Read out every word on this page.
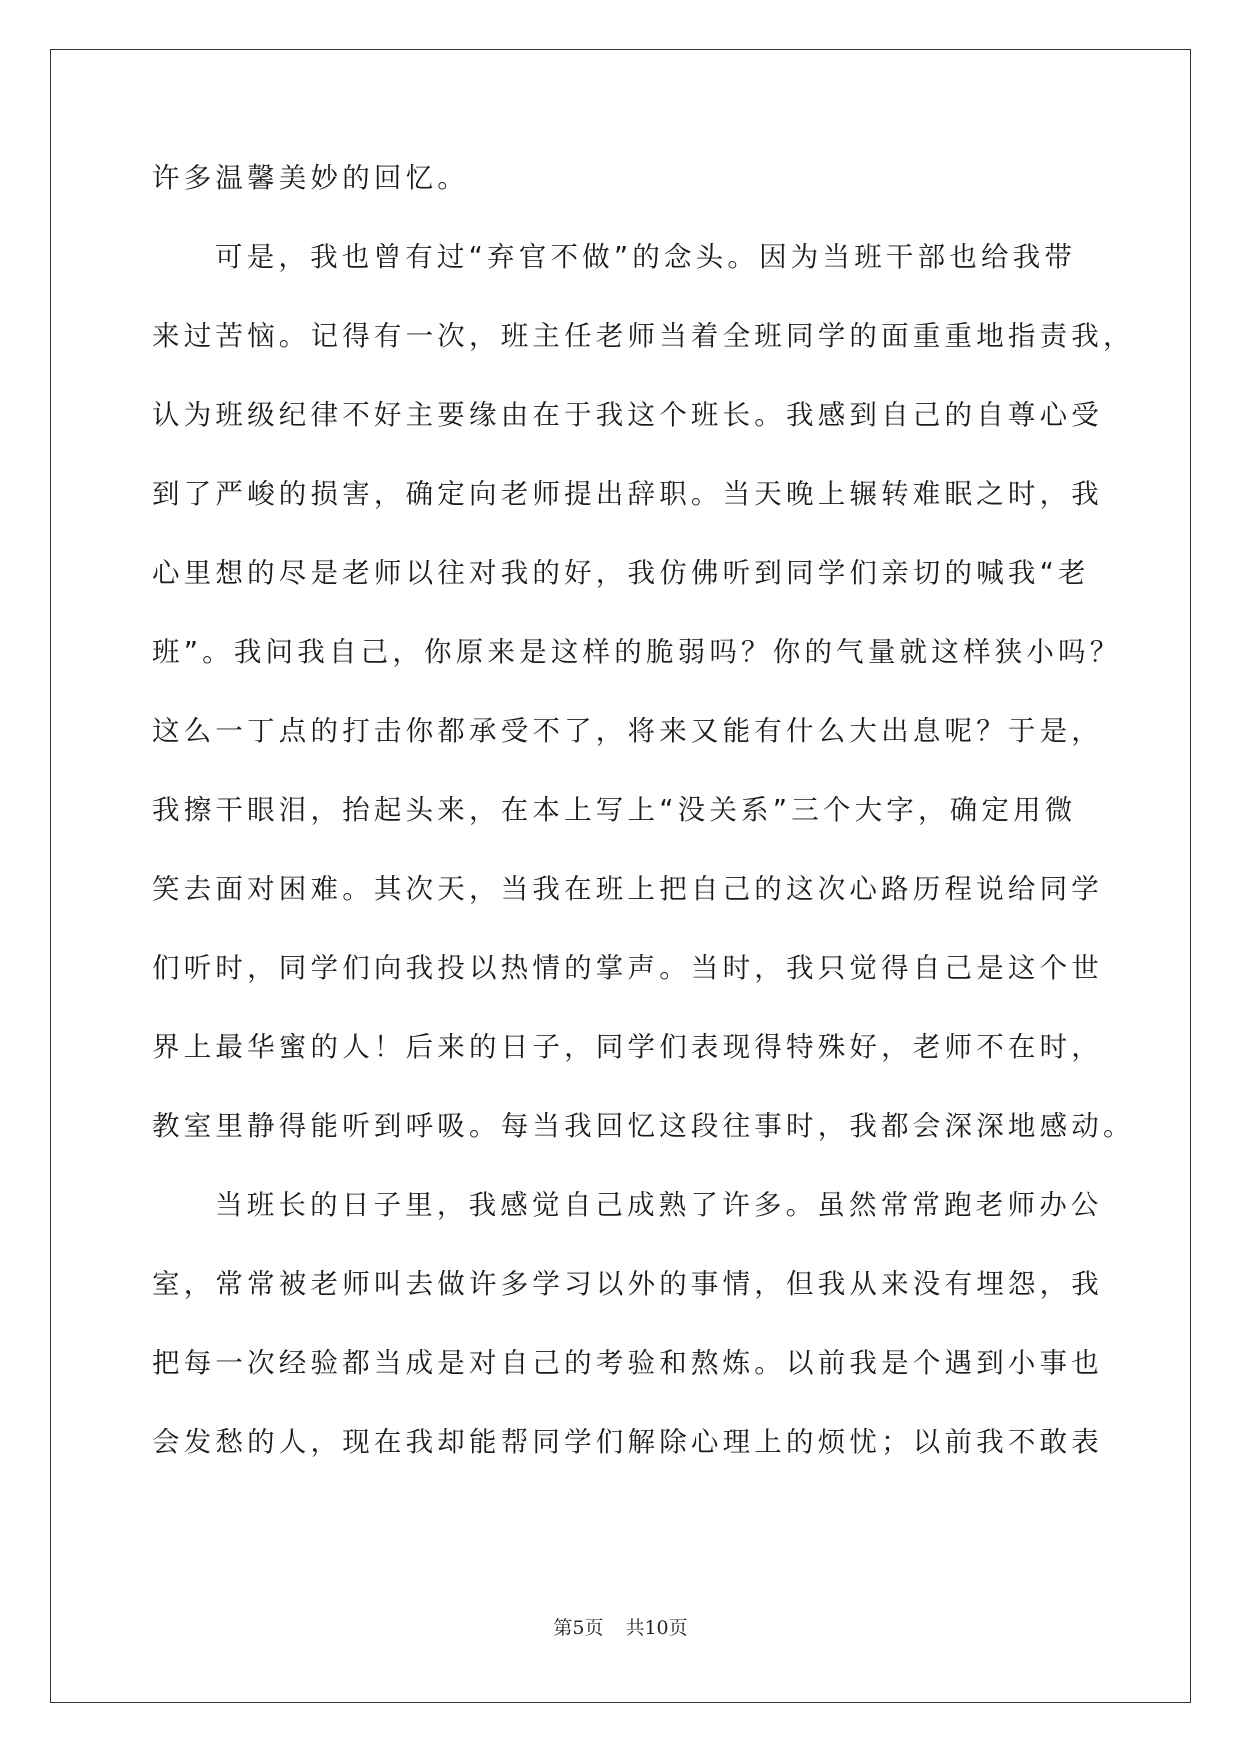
许多温馨美妙的回忆。
可是，我也曾有过“弃官不做”的念头。因为当班干部也给我带
来过苦恼。记得有一次，班主任老师当着全班同学的面重重地指责我，
认为班级纪律不好主要缘由在于我这个班长。我感到自己的自尊心受
到了严峻的损害，确定向老师提出辞职。当天晚上辗转难眠之时，我
心里想的尽是老师以往对我的好，我仿佛听到同学们亲切的喊我“老
班”。我问我自己，你原来是这样的脆弱吗？你的气量就这样狭小吗？
这么一丁点的打击你都承受不了，将来又能有什么大出息呢？于是，
我擦干眼泪，抬起头来，在本上写上“没关系”三个大字，确定用微
笑去面对困难。其次天，当我在班上把自己的这次心路历程说给同学
们听时，同学们向我投以热情的掌声。当时，我只觉得自己是这个世
界上最华蜜的人！后来的日子，同学们表现得特殊好，老师不在时，
教室里静得能听到呼吸。每当我回忆这段往事时，我都会深深地感动。
当班长的日子里，我感觉自己成熟了许多。虽然常常跑老师办公
室，常常被老师叫去做许多学习以外的事情，但我从来没有埋怨，我
把每一次经验都当成是对自己的考验和熬炼。以前我是个遇到小事也
会发愁的人，现在我却能帮同学们解除心理上的烦忧；以前我不敢表
第5页 共10页
